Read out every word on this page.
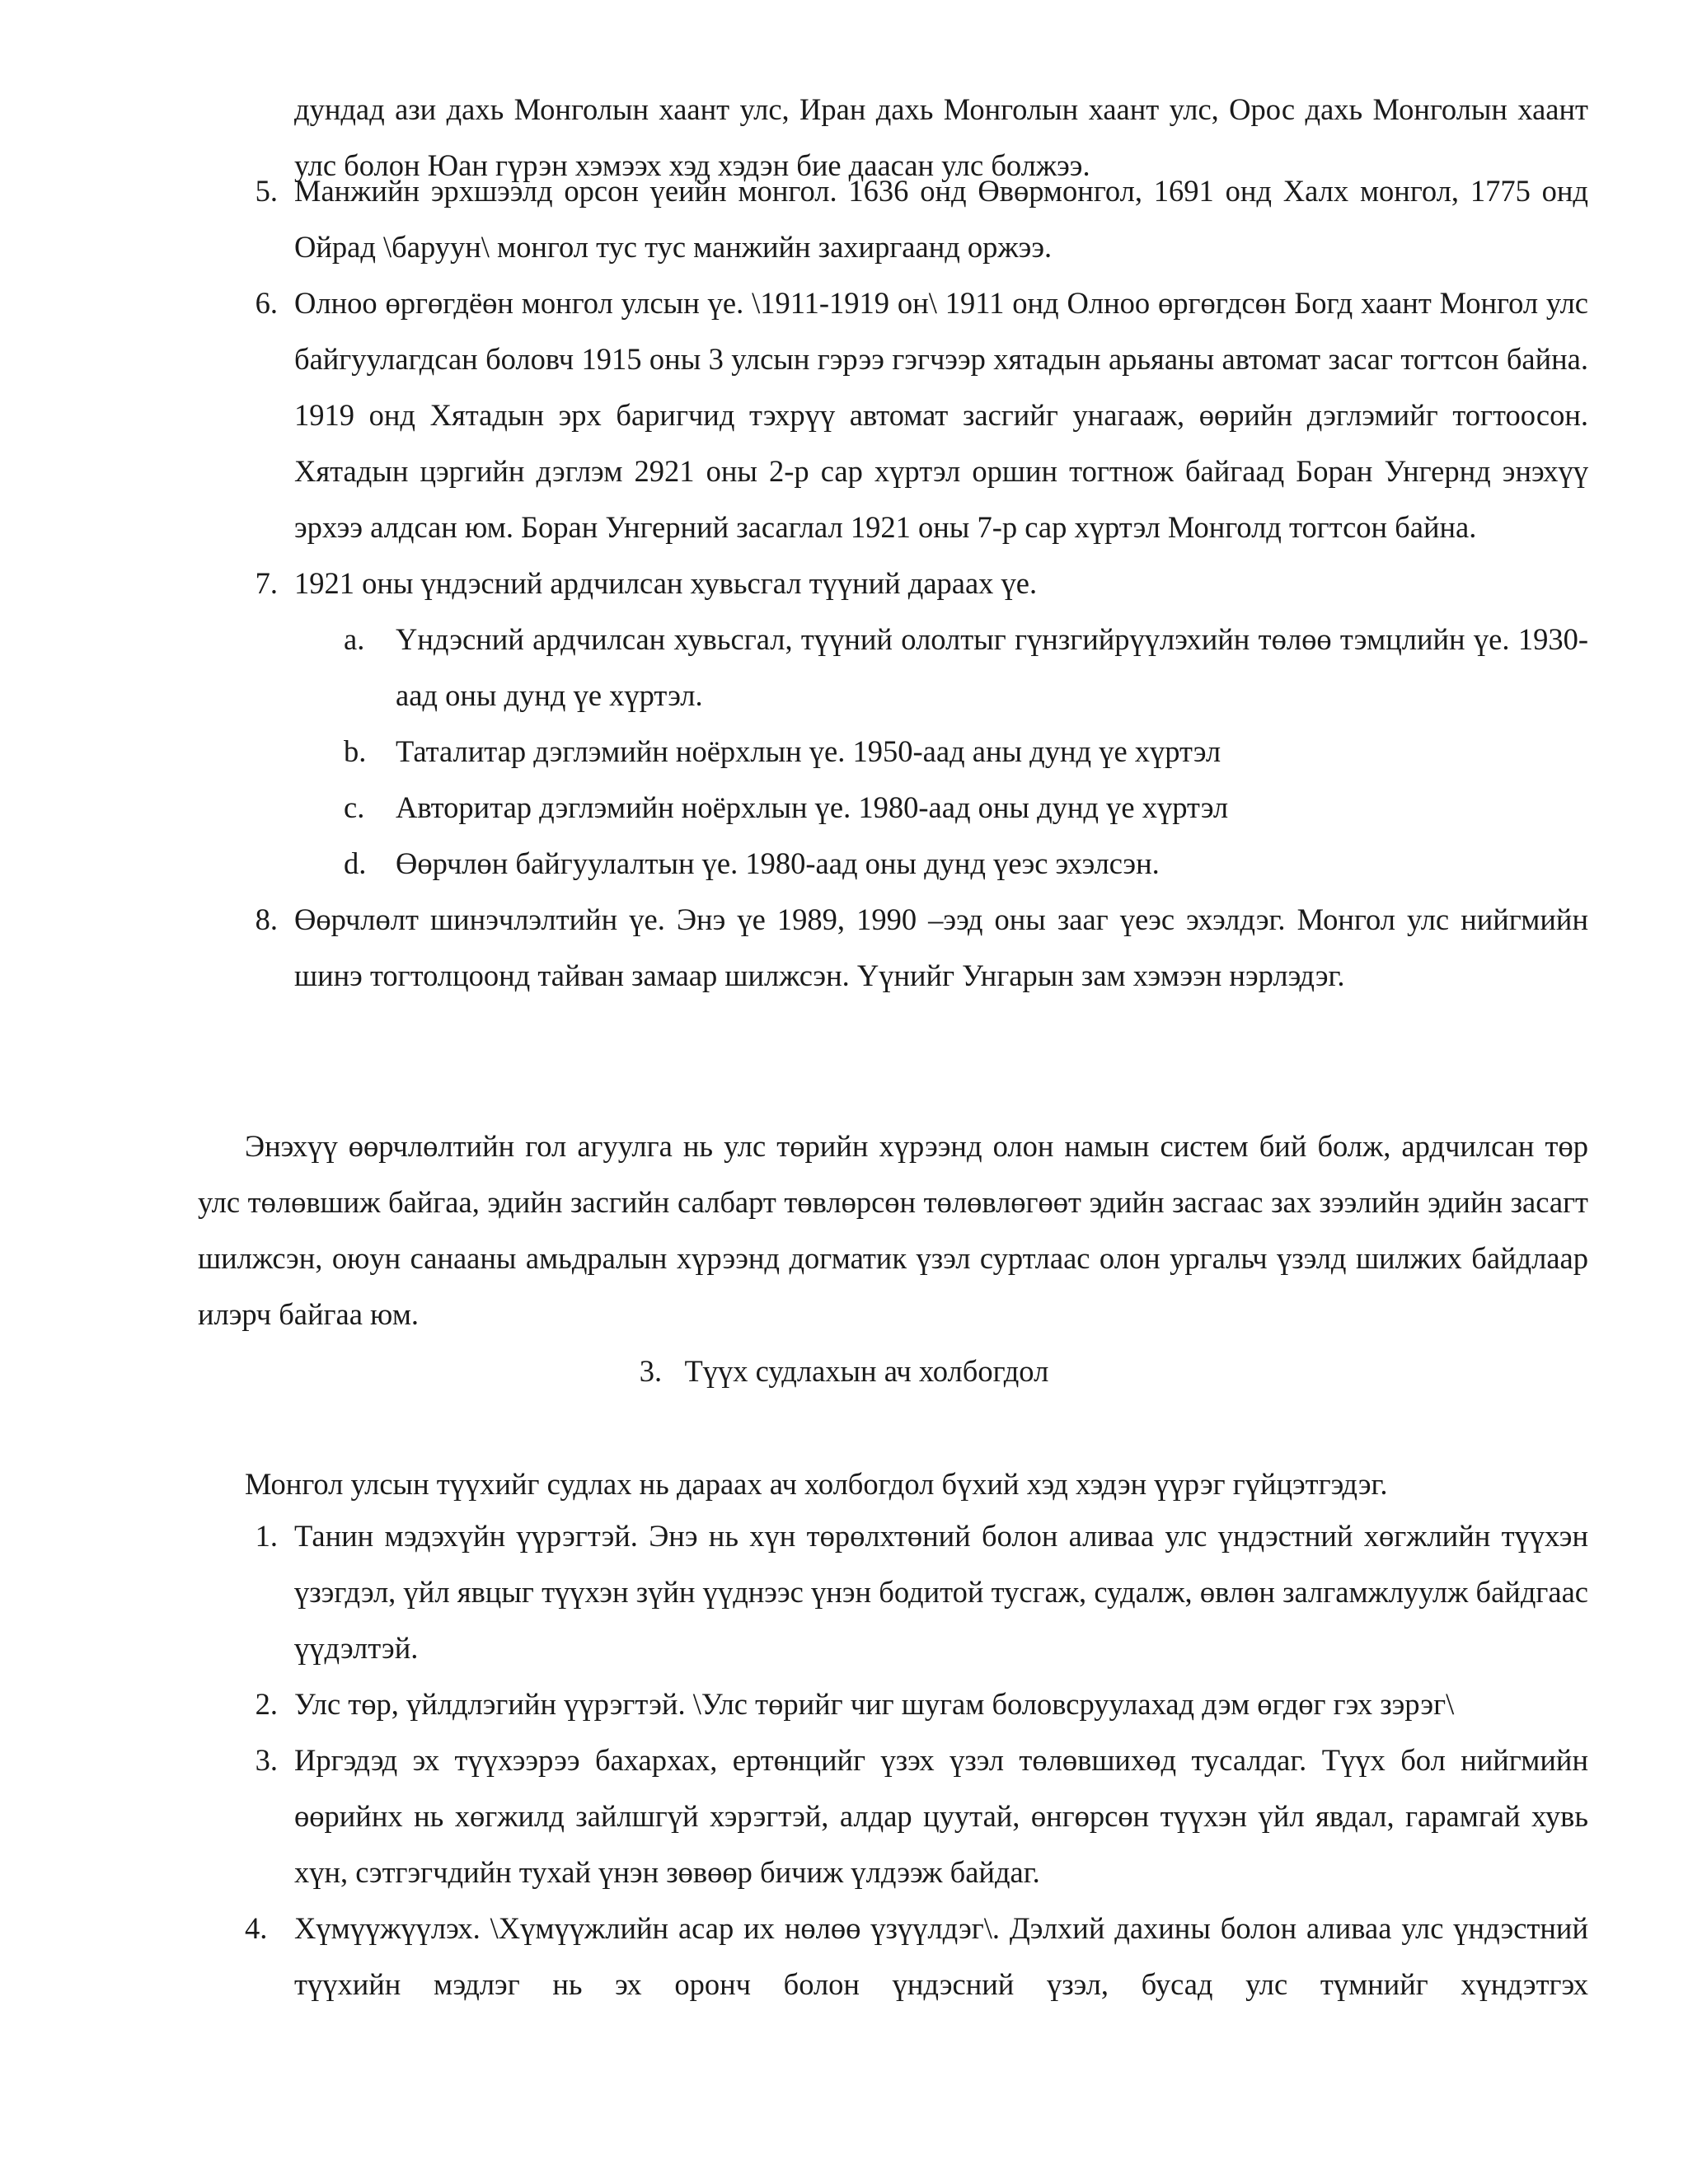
дундад ази дахь Монголын хаант улс, Иран дахь Монголын хаант улс, Орос дахь Монголын хаант улс болон Юан гүрэн хэмээх хэд хэдэн бие даасан улс болжээ.

5. Манжийн эрхшээлд орсон үеийн монгол. 1636 онд Өвөрмонгол, 1691 онд Халх монгол, 1775 онд Ойрад \баруун\ монгол тус тус манжийн захиргаанд оржээ.
6. Олноо өргөгдёөн монгол улсын үе. \1911-1919 он\ 1911 онд Олноо өргөгдсөн Богд хаант Монгол улс байгуулагдсан боловч 1915 оны 3 улсын гэрээ гэгчээр хятадын арьяаны автомат засаг тогтсон байна. 1919 онд Хятадын эрх баригчид тэхрүү автомат засгийг унагааж, өөрийн дэглэмийг тогтоосон. Хятадын цэргийн дэглэм 2921 оны 2-р сар хүртэл оршин тогтнож байгаад Боран Унгернд энэхүү эрхээ алдсан юм. Боран Унгерний засаглал 1921 оны 7-р сар хүртэл Монголд тогтсон байна.
7. 1921 оны үндэсний ардчилсан хувьсгал түүний дараах үе.
a. Үндэсний ардчилсан хувьсгал, түүний ололтыг гүнзгийрүүлэхийн төлөө тэмцлийн үе. 1930-аад оны дунд үе хүртэл.
b. Таталитар дэглэмийн ноёрхлын үе. 1950-аад аны дунд үе хүртэл
c. Авторитар дэглэмийн ноёрхлын үе. 1980-аад оны дунд үе хүртэл
d. Өөрчлөн байгуулалтын үе. 1980-аад оны дунд үеэс эхэлсэн.
8. Өөрчлөлт шинэчлэлтийн үе. Энэ үе 1989, 1990 –ээд оны зааг үеэс эхэлдэг. Монгол улс нийгмийн шинэ тогтолцоонд тайван замаар шилжсэн. Үүнийг Унгарын зам хэмээн нэрлэдэг.

Энэхүү өөрчлөлтийн гол агуулга нь улс төрийн хүрээнд олон намын систем бий болж, ардчилсан төр улс төлөвшиж байгаа, эдийн засгийн салбарт төвлөрсөн төлөвлөгөөт эдийн засгаас зах зээлийн эдийн засагт шилжсэн, оюун санааны амьдралын хүрээнд догматик үзэл суртлаас олон ургальч үзэлд шилжих байдлаар илэрч байгаа юм.

3. Түүх судлахын ач холбогдол

Монгол улсын түүхийг судлах нь дараах ач холбогдол бүхий хэд хэдэн үүрэг гүйцэтгэдэг.

1. Танин мэдэхүйн үүрэгтэй. Энэ нь хүн төрөлхтөний болон аливаа улс үндэстний хөгжлийн түүхэн үзэгдэл, үйл явцыг түүхэн зүйн үүднээс үнэн бодитой тусгаж, судалж, өвлөн залгамжлуулж байдгаас үүдэлтэй.
2. Улс төр, үйлдлэгийн үүрэгтэй. \Улс төрийг чиг шугам боловсруулахад дэм өгдөг гэх зэрэг\
3. Иргэдэд эх түүхээрээ бахархах, ертөнцийг үзэх үзэл төлөвшихөд тусалдаг. Түүх бол нийгмийн өөрийнх нь хөгжилд зайлшгүй хэрэгтэй, алдар цуутай, өнгөрсөн түүхэн үйл явдал, гарамгай хувь хүн, сэтгэгчдийн тухай үнэн зөвөөр бичиж үлдээж байдаг.
4. Хүмүүжүүлэх. \Хүмүүжлийн асар их нөлөө үзүүлдэг\. Дэлхий дахины болон аливаа улс үндэстний түүхийн мэдлэг нь эх оронч болон үндэсний үзэл, бусад улс түмнийг хүндэтгэх
